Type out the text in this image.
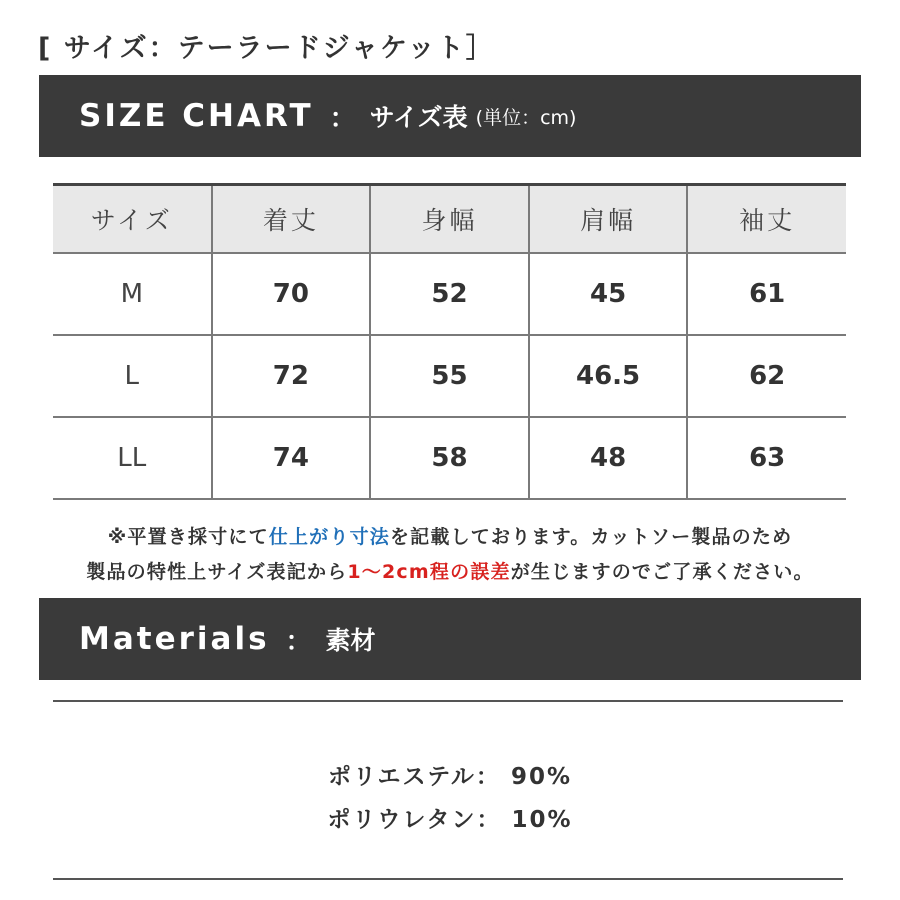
[ サイズ：テーラードジャケット］
SIZE CHART ： サイズ表 (単位：cm)
サイズ	着丈	身幅	肩幅	袖丈
M	70	52	45	61
L	72	55	46.5	62
LL	74	58	48	63
※平置き採寸にて仕上がり寸法を記載しております。カットソー製品のため
製品の特性上サイズ表記から1〜2cm程の誤差が生じますのでご了承ください。
Materials ： 素材
ポリエステル： 90%
ポリウレタン： 10%
